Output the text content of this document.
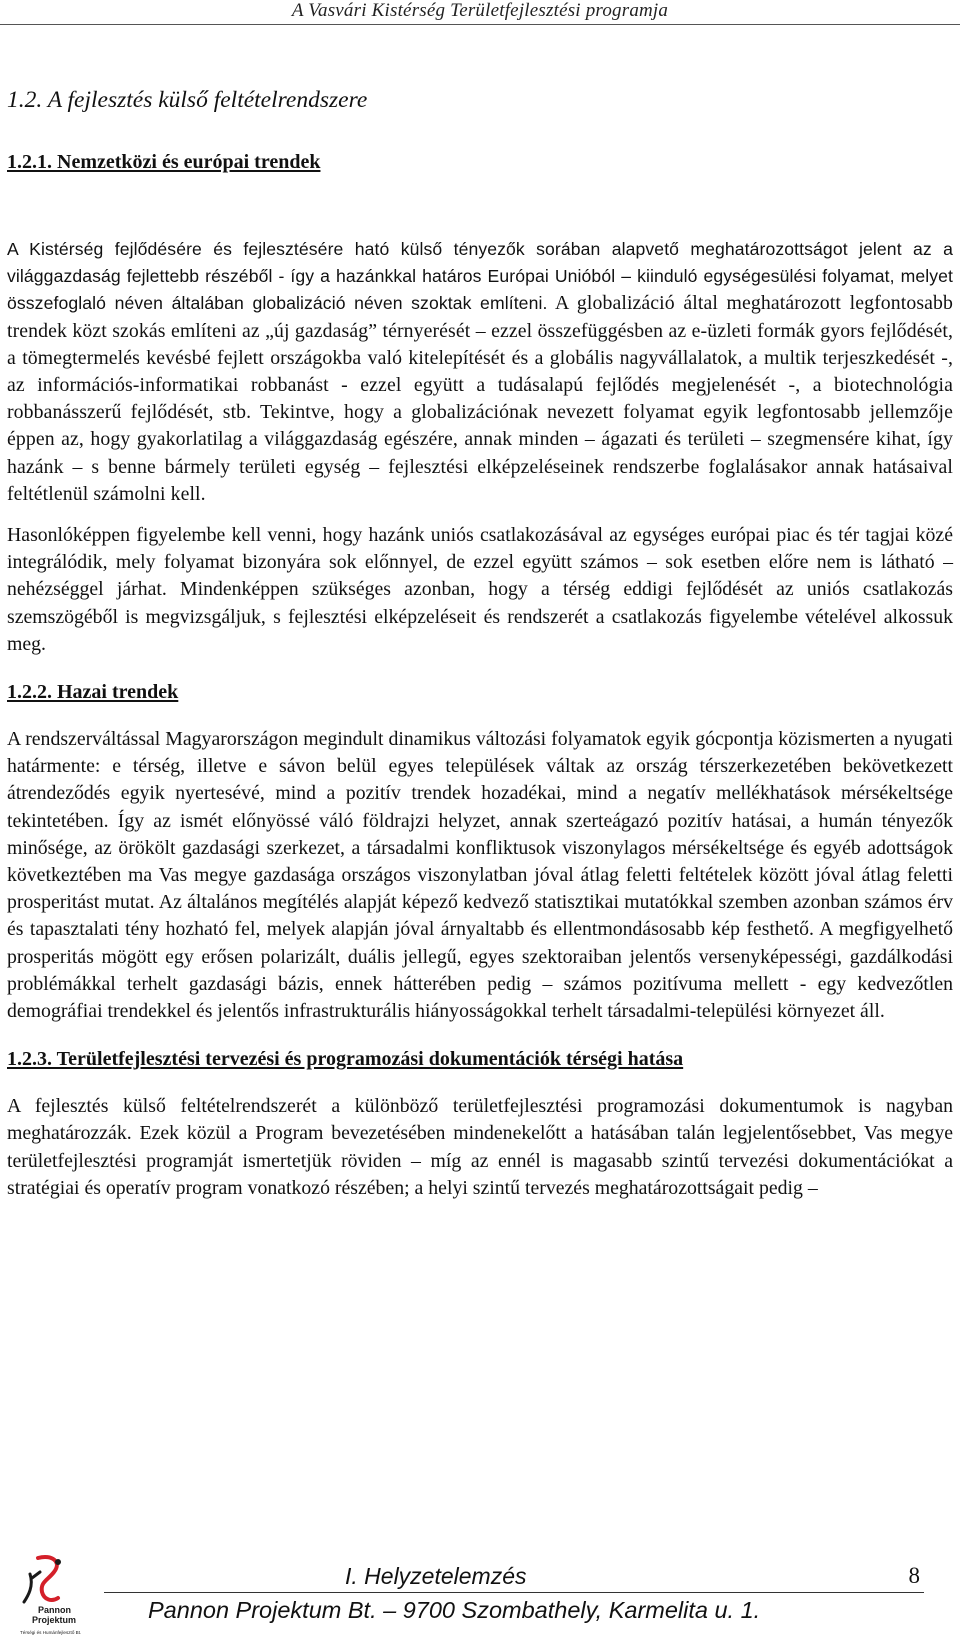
A Vasvári Kistérség Területfejlesztési programja
1.2. A fejlesztés külső feltételrendszere
1.2.1. Nemzetközi és európai trendek

A Kistérség fejlődésére és fejlesztésére ható külső tényezők sorában alapvető meghatározottságot jelent az a világgazdaság fejlettebb részéből - így a hazánkkal határos Európai Unióból – kiinduló egységesülési folyamat, melyet összefoglaló néven általában globalizáció néven szoktak említeni. A globalizáció által meghatározott legfontosabb trendek közt szokás említeni az „új gazdaság” térnyerését – ezzel összefüggésben az e-üzleti formák gyors fejlődését, a tömegtermelés kevésbé fejlett országokba való kitelepítését és a globális nagyvállalatok, a multik terjeszkedését -, az információs-informatikai robbanást - ezzel együtt a tudásalapú fejlődés megjelenését -, a biotechnológia robbanásszerű fejlődését, stb. Tekintve, hogy a globalizációnak nevezett folyamat egyik legfontosabb jellemzője éppen az, hogy gyakorlatilag a világgazdaság egészére, annak minden – ágazati és területi – szegmensére kihat, így hazánk – s benne bármely területi egység – fejlesztési elképzeléseinek rendszerbe foglalásakor annak hatásaival feltétlenül számolni kell.

Hasonlóképpen figyelembe kell venni, hogy hazánk uniós csatlakozásával az egységes európai piac és tér tagjai közé integrálódik, mely folyamat bizonyára sok előnnyel, de ezzel együtt számos – sok esetben előre nem is látható – nehézséggel járhat. Mindenképpen szükséges azonban, hogy a térség eddigi fejlődését az uniós csatlakozás szemszögéből is megvizsgáljuk, s fejlesztési elképzeléseit és rendszerét a csatlakozás figyelembe vételével alkossuk meg.

1.2.2. Hazai trendek

A rendszerváltással Magyarországon megindult dinamikus változási folyamatok egyik gócpontja közismerten a nyugati határmente: e térség, illetve e sávon belül egyes települések váltak az ország térszerkezetében bekövetkezett átrendeződés egyik nyertesévé, mind a pozitív trendek hozadékai, mind a negatív mellékhatások mérsékeltsége tekintetében. Így az ismét előnyössé váló földrajzi helyzet, annak szerteágazó pozitív hatásai, a humán tényezők minősége, az örökölt gazdasági szerkezet, a társadalmi konfliktusok viszonylagos mérsékeltsége és egyéb adottságok következtében ma Vas megye gazdasága országos viszonylatban jóval átlag feletti feltételek között jóval átlag feletti prosperitást mutat. Az általános megítélés alapját képező kedvező statisztikai mutatókkal szemben azonban számos érv és tapasztalati tény hozható fel, melyek alapján jóval árnyaltabb és ellentmondásosabb kép festhető. A megfigyelhető prosperitás mögött egy erősen polarizált, duális jellegű, egyes szektoraiban jelentős versenyképességi, gazdálkodási problémákkal terhelt gazdasági bázis, ennek hátterében pedig – számos pozitívuma mellett - egy kedvezőtlen demográfiai trendekkel és jelentős infrastrukturális hiányosságokkal terhelt társadalmi-települési környezet áll.

1.2.3. Területfejlesztési tervezési és programozási dokumentációk térségi hatása

A fejlesztés külső feltételrendszerét a különböző területfejlesztési programozási dokumentumok is nagyban meghatározzák. Ezek közül a Program bevezetésében mindenekelőtt a hatásában talán legjelentősebbet, Vas megye területfejlesztési programját ismertetjük röviden – míg az ennél is magasabb szintű tervezési dokumentációkat a stratégiai és operatív program vonatkozó részében; a helyi szintű tervezés meghatározottságait pedig –

Pannon
Projektum
Térségi és Humánfejlesztő Bt.
I. Helyzetelemzés	8
Pannon Projektum Bt. – 9700 Szombathely, Karmelita u. 1.
